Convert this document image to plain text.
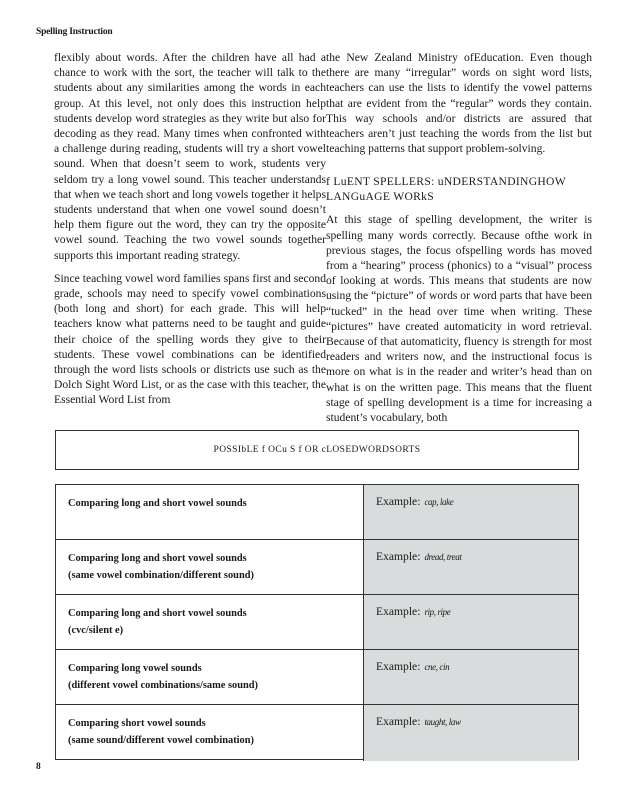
Spelling Instruction

flexibly about words. After the children have all had a chance to work with the sort, the teacher will talk to the students about any similarities among the words in each group. At this level, not only does this instruction help students develop word strategies as they write but also for decoding as they read. Many times when confronted with a challenge during reading, students will try a short vowel sound. When that doesn’t seem to work, students very seldom try a long vowel sound. This teacher understands that when we teach short and long vowels together it helps students understand that when one vowel sound doesn’t help them figure out the word, they can try the opposite vowel sound. Teaching the two vowel sounds together supports this important reading strategy.

Since teaching vowel word families spans first and second grade, schools may need to specify vowel combinations (both long and short) for each grade. This will help teachers know what patterns need to be taught and guide their choice of the spelling words they give to their students. These vowel combinations can be identified through the word lists schools or districts use such as the Dolch Sight Word List, or as the case with this teacher, the Essential Word List from

the New Zealand Ministry ofEducation. Even though there are many “irregular” words on sight word lists, teachers can use the lists to identify the vowel patterns that are evident from the “regular” words they contain. This way schools and/or districts are assured that teachers aren’t just teaching the words from the list but teaching patterns that support problem-solving.

f LuENT SPELLERS: uNDERSTANDINGHOW LANGuAGE WORkS

At this stage of spelling development, the writer is spelling many words correctly. Because ofthe work in previous stages, the focus ofspelling words has moved from a “hearing” process (phonics) to a “visual” process of looking at words. This means that students are now using the “picture” of words or word parts that have been “tucked” in the head over time when writing. These “pictures” have created automaticity in word retrieval. Because of that automaticity, fluency is strength for most readers and writers now, and the instructional focus is more on what is in the reader and writer’s head than on what is on the written page. This means that the fluent stage of spelling development is a time for increasing a student’s vocabulary, both

POSSIbLE f OCu S f OR cLOSEDWORDSORTS
Comparing long and short vowel sounds	Example: cap, lake
Comparing long and short vowel sounds
(same vowel combination/different sound)
Example: dread, treat
Comparing long and short vowel sounds
(cvc/silent e)
Example: rip, ripe
Comparing long vowel sounds
(different vowel combinations/same sound)
Example: cne, cin
Comparing short vowel sounds
(same sound/different vowel combination)
Example: taught, law
8
